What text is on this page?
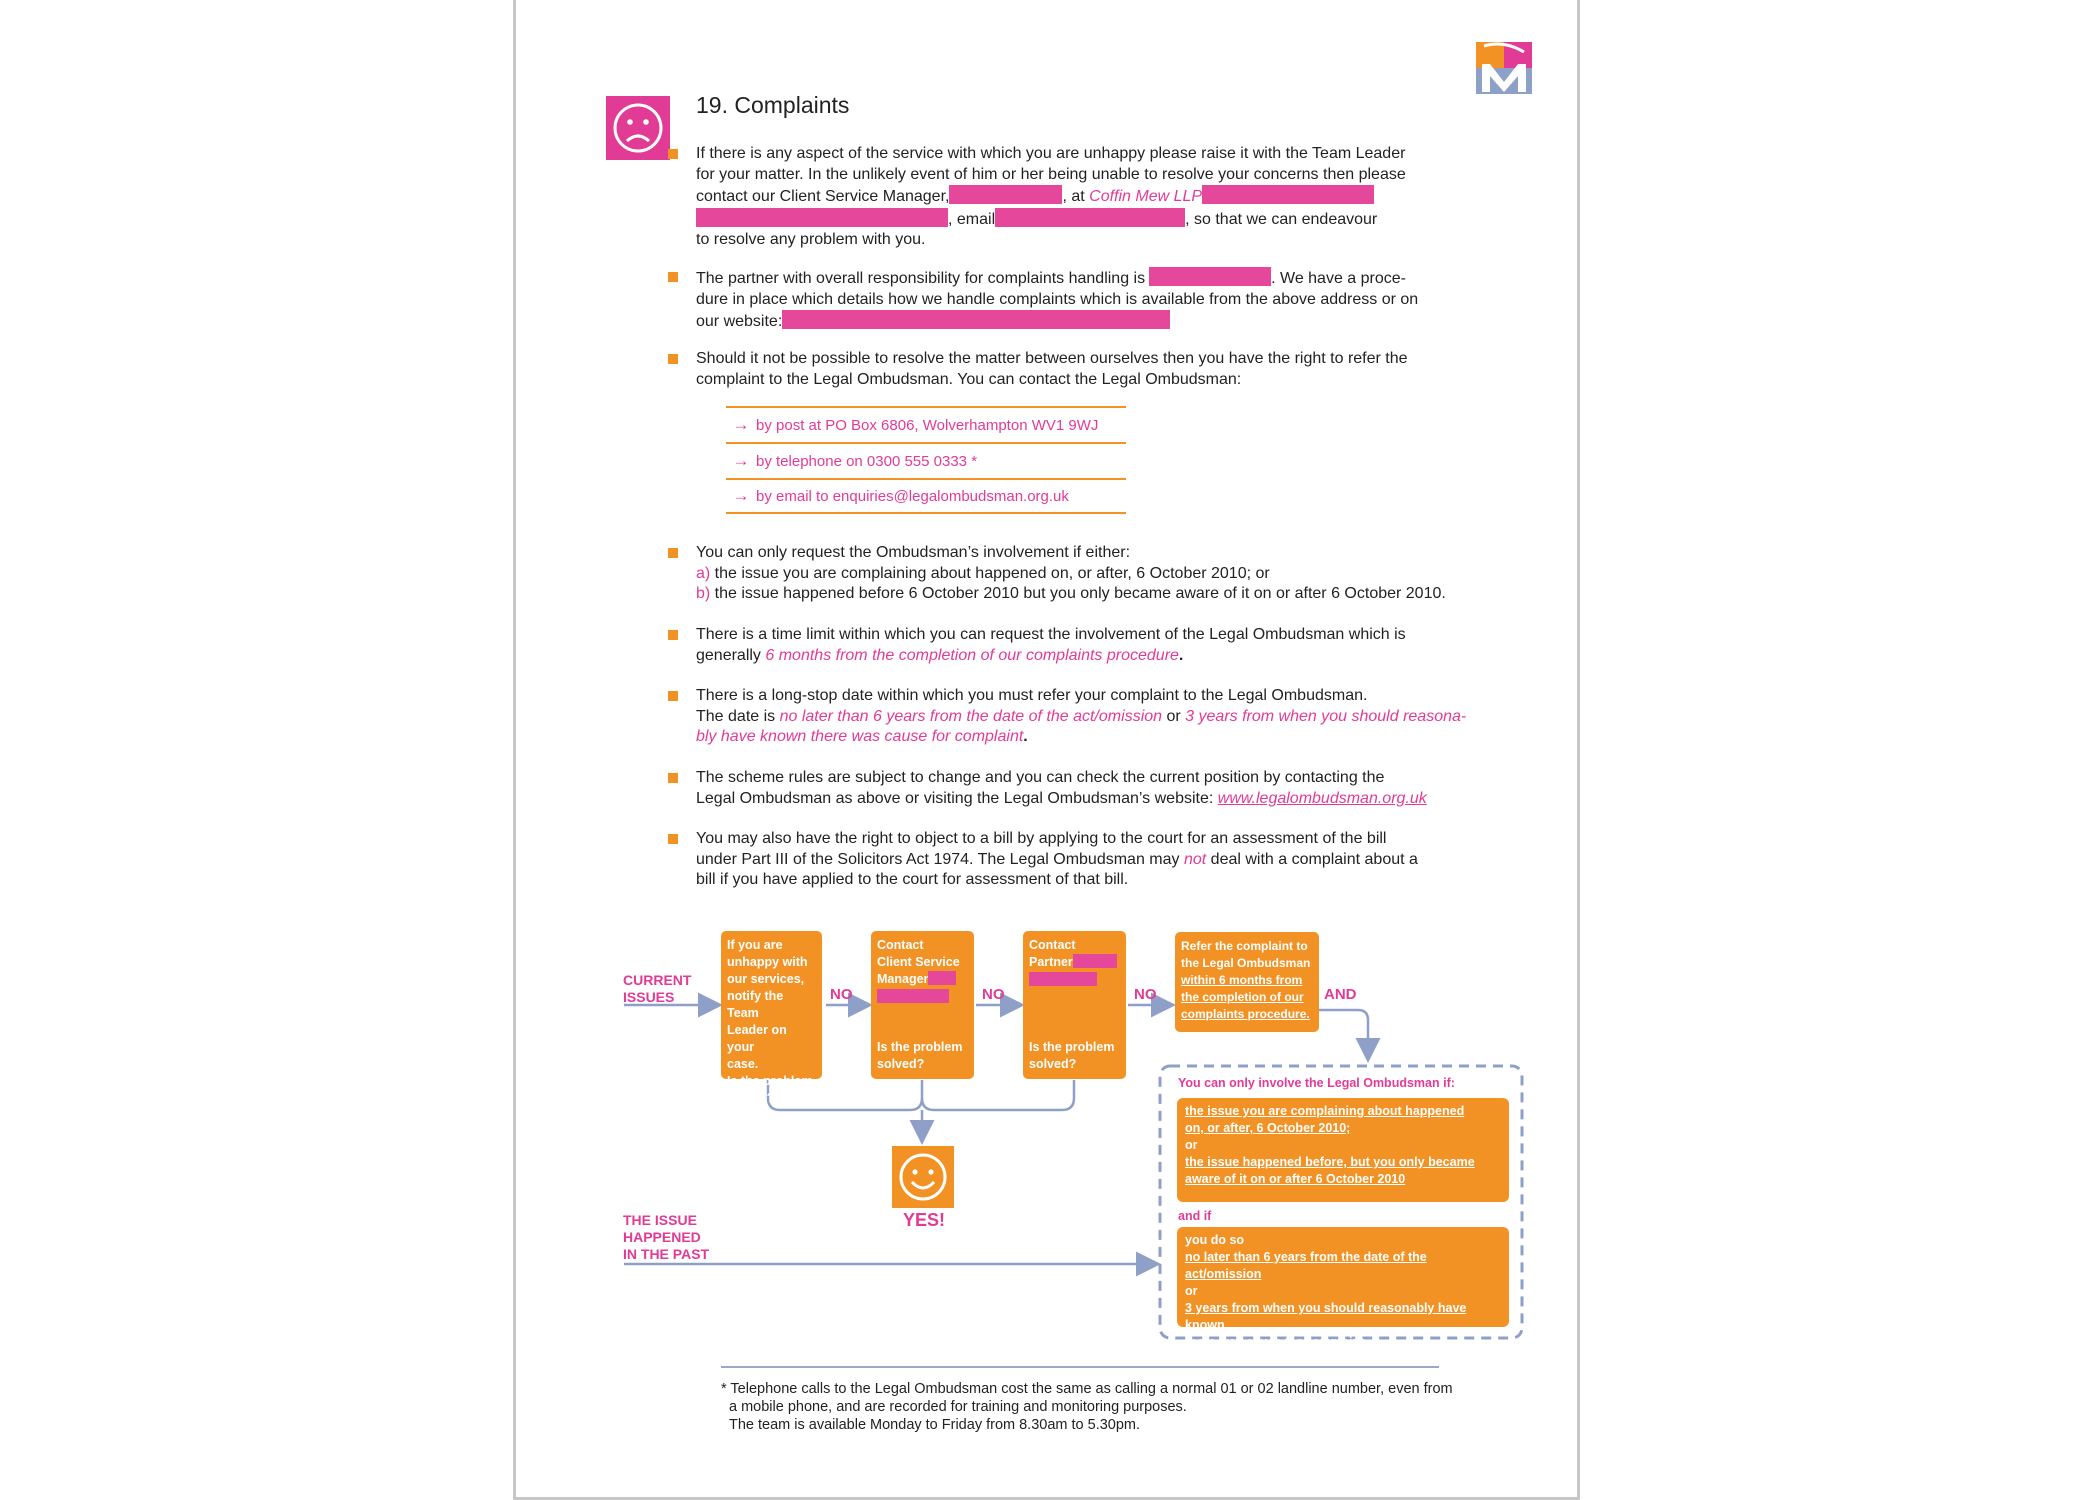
19. Complaints
If there is any aspect of the service with which you are unhappy please raise it with the Team Leader
for your matter. In the unlikely event of him or her being unable to resolve your concerns then please
contact our Client Service Manager,	, at Coffin Mew LLP
, email	, so that we can endeavour
to resolve any problem with you.
The partner with overall responsibility for complaints handling is	. We have a proce-
dure in place which details how we handle complaints which is available from the above address or on
our website:
Should it not be possible to resolve the matter between ourselves then you have the right to refer the
complaint to the Legal Ombudsman. You can contact the Legal Ombudsman:
→ by post at PO Box 6806, Wolverhampton WV1 9WJ
→ by telephone on 0300 555 0333 *
→ by email to enquiries@legalombudsman.org.uk
You can only request the Ombudsman’s involvement if either:
a) the issue you are complaining about happened on, or after, 6 October 2010; or
b) the issue happened before 6 October 2010 but you only became aware of it on or after 6 October 2010.
There is a time limit within which you can request the involvement of the Legal Ombudsman which is
generally 6 months from the completion of our complaints procedure.
There is a long-stop date within which you must refer your complaint to the Legal Ombudsman.
The date is no later than 6 years from the date of the act/omission or 3 years from when you should reasona-
bly have known there was cause for complaint.
The scheme rules are subject to change and you can check the current position by contacting the
Legal Ombudsman as above or visiting the Legal Ombudsman’s website: www.legalombudsman.org.uk
You may also have the right to object to a bill by applying to the court for an assessment of the bill
under Part III of the Solicitors Act 1974. The Legal Ombudsman may not deal with a complaint about a
bill if you have applied to the court for assessment of that bill.
CURRENT
ISSUES
THE ISSUE
HAPPENED
IN THE PAST
NO	NO	NO	AND
If you are
unhappy with
our services,
notify the Team
Leader on your
case.
Is the problem
solved?
Contact
Client Service
Manager
Is the problem
solved?
Contact
Partner
Is the problem
solved?
Refer the complaint to
the Legal Ombudsman
within 6 months from
the completion of our
complaints procedure.
YES!
You can only involve the Legal Ombudsman if:
the issue you are complaining about happened
on, or after, 6 October 2010;
or
the issue happened before, but you only became
aware of it on or after 6 October 2010
and if
you do so
no later than 6 years from the date of the act/omission
or
3 years from when you should reasonably have known
there was cause for complaint.
* Telephone calls to the Legal Ombudsman cost the same as calling a normal 01 or 02 landline number, even from
a mobile phone, and are recorded for training and monitoring purposes.
The team is available Monday to Friday from 8.30am to 5.30pm.
